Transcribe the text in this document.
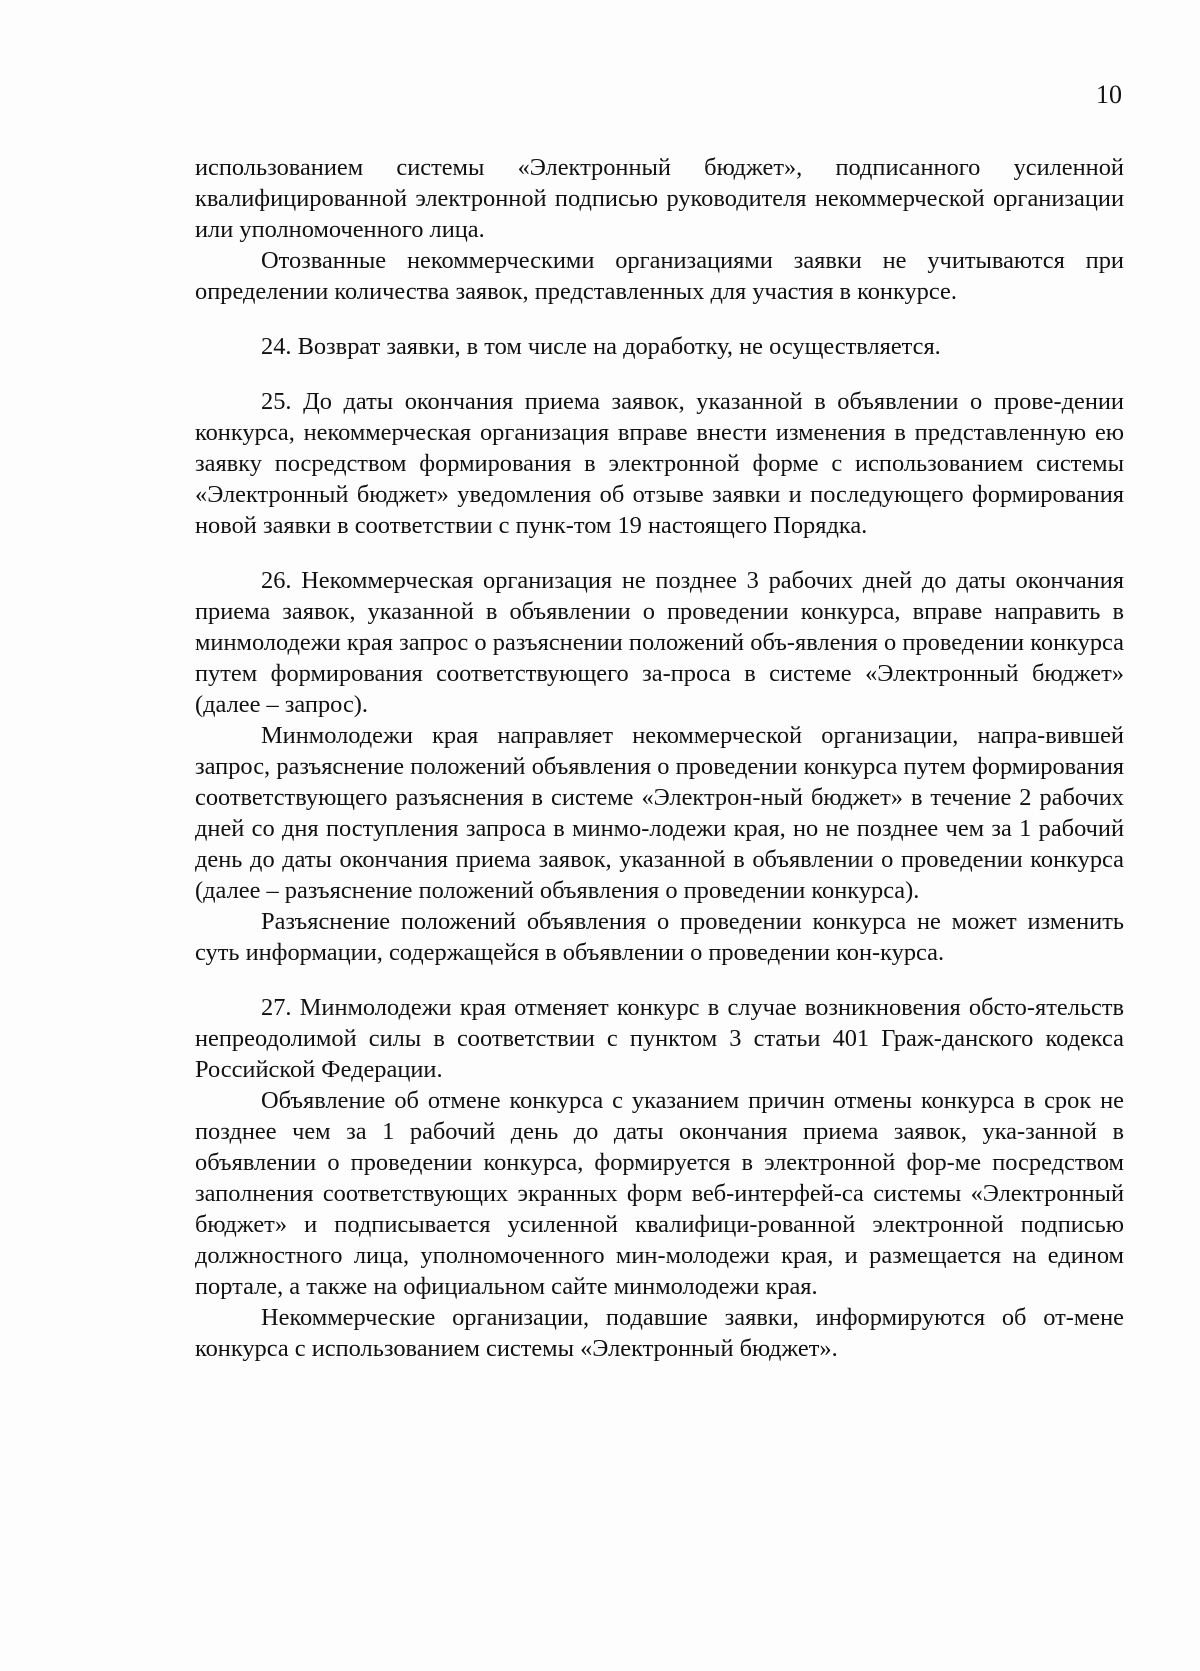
10

использованием системы «Электронный бюджет», подписанного усиленной квалифицированной электронной подписью руководителя некоммерческой организации или уполномоченного лица.

Отозванные некоммерческими организациями заявки не учитываются при определении количества заявок, представленных для участия в конкурсе.

24. Возврат заявки, в том числе на доработку, не осуществляется.

25. До даты окончания приема заявок, указанной в объявлении о прове-дении конкурса, некоммерческая организация вправе внести изменения в представленную ею заявку посредством формирования в электронной форме с использованием системы «Электронный бюджет» уведомления об отзыве заявки и последующего формирования новой заявки в соответствии с пунк-том 19 настоящего Порядка.

26. Некоммерческая организация не позднее 3 рабочих дней до даты окончания приема заявок, указанной в объявлении о проведении конкурса, вправе направить в минмолодежи края запрос о разъяснении положений объ-явления о проведении конкурса путем формирования соответствующего за-проса в системе «Электронный бюджет» (далее – запрос).

Минмолодежи края направляет некоммерческой организации, напра-вившей запрос, разъяснение положений объявления о проведении конкурса путем формирования соответствующего разъяснения в системе «Электрон-ный бюджет» в течение 2 рабочих дней со дня поступления запроса в минмо-лодежи края, но не позднее чем за 1 рабочий день до даты окончания приема заявок, указанной в объявлении о проведении конкурса (далее – разъяснение положений объявления о проведении конкурса).

Разъяснение положений объявления о проведении конкурса не может изменить суть информации, содержащейся в объявлении о проведении кон-курса.

27. Минмолодежи края отменяет конкурс в случае возникновения обсто-ятельств непреодолимой силы в соответствии с пунктом 3 статьи 401 Граж-данского кодекса Российской Федерации.

Объявление об отмене конкурса с указанием причин отмены конкурса в срок не позднее чем за 1 рабочий день до даты окончания приема заявок, ука-занной в объявлении о проведении конкурса, формируется в электронной фор-ме посредством заполнения соответствующих экранных форм веб-интерфей-са системы «Электронный бюджет» и подписывается усиленной квалифици-рованной электронной подписью должностного лица, уполномоченного мин-молодежи края, и размещается на едином портале, а также на официальном сайте минмолодежи края.

Некоммерческие организации, подавшие заявки, информируются об от-мене конкурса с использованием системы «Электронный бюджет».
